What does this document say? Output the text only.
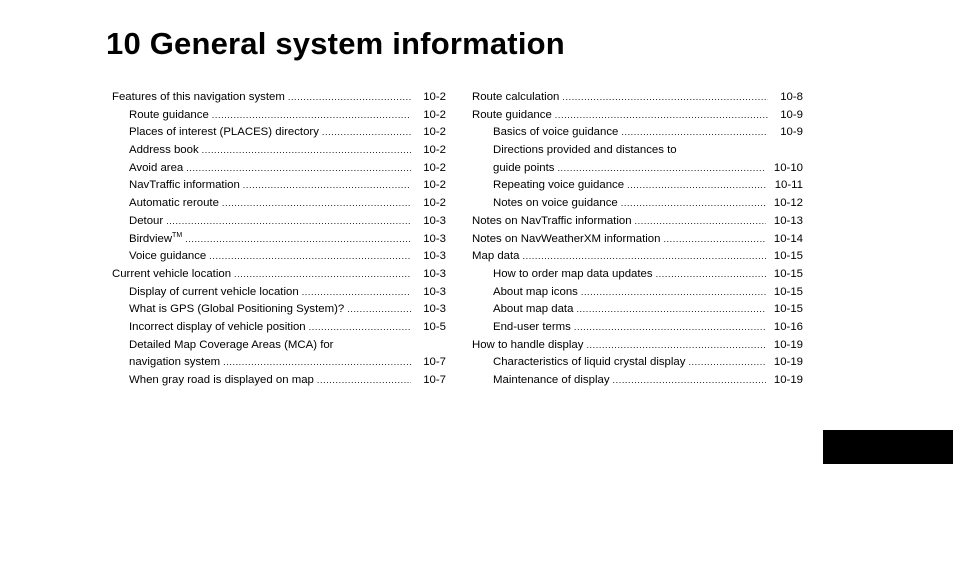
10 General system information
Features of this navigation system .....	10-2
Route guidance .....	10-2
Places of interest (PLACES) directory .....	10-2
Address book .....	10-2
Avoid area .....	10-2
NavTraffic information .....	10-2
Automatic reroute .....	10-2
Detour .....	10-3
Birdview™ .....	10-3
Voice guidance .....	10-3
Current vehicle location .....	10-3
Display of current vehicle location .....	10-3
What is GPS (Global Positioning System)? .....	10-3
Incorrect display of vehicle position .....	10-5
Detailed Map Coverage Areas (MCA) for
navigation system .....	10-7
When gray road is displayed on map .....	10-7
Route calculation .....	10-8
Route guidance .....	10-9
Basics of voice guidance .....	10-9
Directions provided and distances to
guide points .....	10-10
Repeating voice guidance .....	10-11
Notes on voice guidance .....	10-12
Notes on NavTraffic information .....	10-13
Notes on NavWeatherXM information .....	10-14
Map data .....	10-15
How to order map data updates .....	10-15
About map icons .....	10-15
About map data .....	10-15
End-user terms .....	10-16
How to handle display .....	10-19
Characteristics of liquid crystal display .....	10-19
Maintenance of display .....	10-19
